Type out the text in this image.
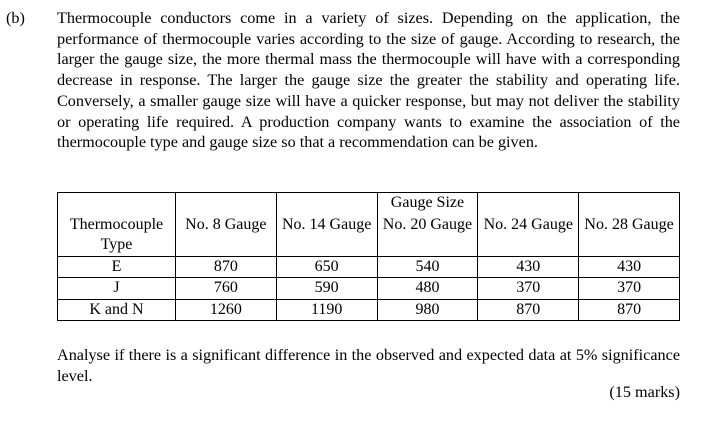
(b) Thermocouple conductors come in a variety of sizes. Depending on the application, the performance of thermocouple varies according to the size of gauge. According to research, the larger the gauge size, the more thermal mass the thermocouple will have with a corresponding decrease in response. The larger the gauge size the greater the stability and operating life. Conversely, a smaller gauge size will have a quicker response, but may not deliver the stability or operating life required. A production company wants to examine the association of the thermocouple type and gauge size so that a recommendation can be given.

			Gauge Size		
Thermocouple Type	No. 8 Gauge	No. 14 Gauge	No. 20 Gauge	No. 24 Gauge	No. 28 Gauge
E	870	650	540	430	430
J	760	590	480	370	370
K and N	1260	1190	980	870	870

Analyse if there is a significant difference in the observed and expected data at 5% significance level.

(15 marks)
